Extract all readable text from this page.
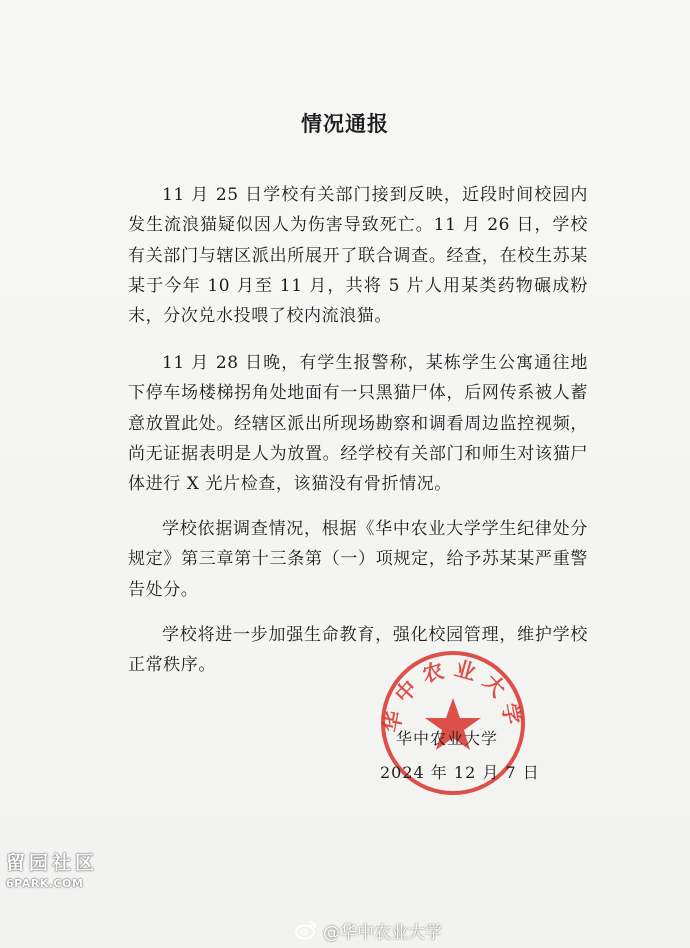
情况通报
11 月 25 日学校有关部门接到反映，近段时间校园内发生流浪猫疑似因人为伤害导致死亡。11 月 26 日，学校有关部门与辖区派出所展开了联合调查。经查，在校生苏某某于今年 10 月至 11 月，共将 5 片人用某类药物碾成粉末，分次兑水投喂了校内流浪猫。
11 月 28 日晚，有学生报警称，某栋学生公寓通往地下停车场楼梯拐角处地面有一只黑猫尸体，后网传系被人蓄意放置此处。经辖区派出所现场勘察和调看周边监控视频，尚无证据表明是人为放置。经学校有关部门和师生对该猫尸体进行 X 光片检查，该猫没有骨折情况。
学校依据调查情况，根据《华中农业大学学生纪律处分规定》第三章第十三条第（一）项规定，给予苏某某严重警告处分。
学校将进一步加强生命教育，强化校园管理，维护学校正常秩序。
华中农业大学
华中农业大学
2024 年 12 月 7 日
留园社区
6PARK.COM
@华中农业大学
